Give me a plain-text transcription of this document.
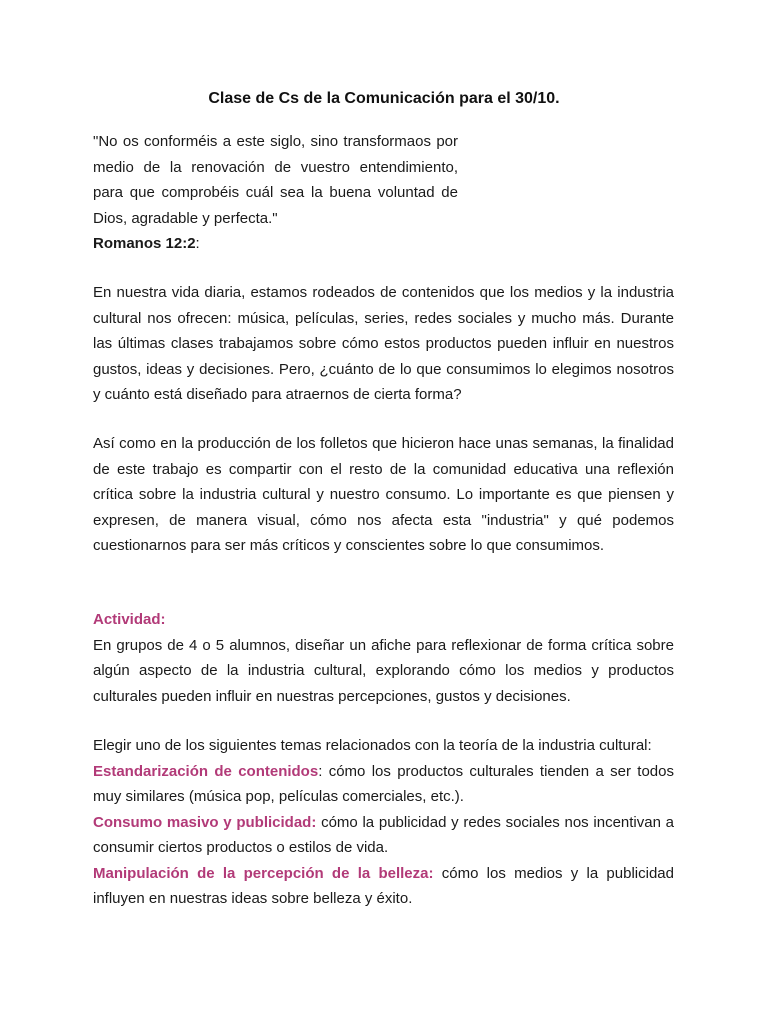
Clase de Cs de la Comunicación para el 30/10.
"No os conforméis a este siglo, sino transformaos por medio de la renovación de vuestro entendimiento, para que comprobéis cuál sea la buena voluntad de Dios, agradable y perfecta."
Romanos 12:2:
En nuestra vida diaria, estamos rodeados de contenidos que los medios y la industria cultural nos ofrecen: música, películas, series, redes sociales y mucho más. Durante las últimas clases trabajamos sobre cómo estos productos pueden influir en nuestros gustos, ideas y decisiones. Pero, ¿cuánto de lo que consumimos lo elegimos nosotros y cuánto está diseñado para atraernos de cierta forma?
Así como en la producción de los folletos que hicieron hace unas semanas, la finalidad de este trabajo es compartir con el resto de la comunidad educativa una reflexión crítica sobre la industria cultural y nuestro consumo. Lo importante es que piensen y expresen, de manera visual, cómo nos afecta esta "industria" y qué podemos cuestionarnos para ser más críticos y conscientes sobre lo que consumimos.
Actividad:
En grupos de 4 o 5 alumnos, diseñar un afiche para reflexionar de forma crítica sobre algún aspecto de la industria cultural, explorando cómo los medios y productos culturales pueden influir en nuestras percepciones, gustos y decisiones.
Elegir uno de los siguientes temas relacionados con la teoría de la industria cultural:
Estandarización de contenidos: cómo los productos culturales tienden a ser todos muy similares (música pop, películas comerciales, etc.).
Consumo masivo y publicidad: cómo la publicidad y redes sociales nos incentivan a consumir ciertos productos o estilos de vida.
Manipulación de la percepción de la belleza: cómo los medios y la publicidad influyen en nuestras ideas sobre belleza y éxito.
